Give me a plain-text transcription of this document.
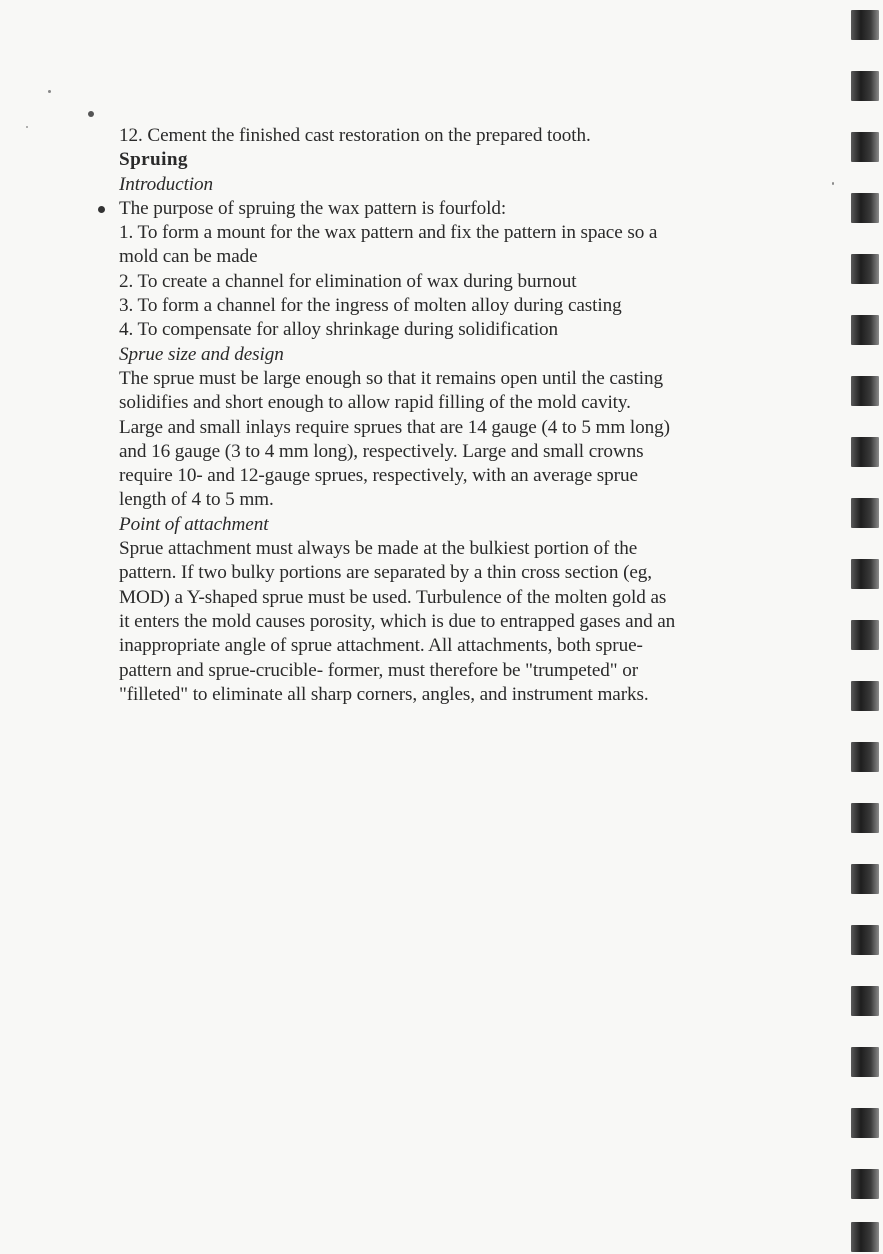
12. Cement the finished cast restoration on the prepared tooth.

Spruing

Introduction

The purpose of spruing the wax pattern is fourfold:

1. To form a mount for the wax pattern and fix the pattern in space so a

mold can be made

2. To create a channel for elimination of wax during burnout

3. To form a channel for the ingress of molten alloy during casting

4. To compensate for alloy shrinkage during solidification

Sprue size and design

The sprue must be large enough so that it remains open until the casting

solidifies and short enough to allow rapid filling of the mold cavity.

Large and small inlays require sprues that are 14 gauge (4 to 5 mm long)

and 16 gauge (3 to 4 mm long), respectively. Large and small crowns

require 10- and 12-gauge sprues, respectively, with an average sprue

length of 4 to 5 mm.

Point of attachment

Sprue attachment must always be made at the bulkiest portion of the

pattern. If two bulky portions are separated by a thin cross section (eg,

MOD) a Y-shaped sprue must be used. Turbulence of the molten gold as

it enters the mold causes porosity, which is due to entrapped gases and an

inappropriate angle of sprue attachment. All attachments, both sprue-

pattern and sprue-crucible- former, must therefore be "trumpeted" or

"filleted" to eliminate all sharp corners, angles, and instrument marks.
